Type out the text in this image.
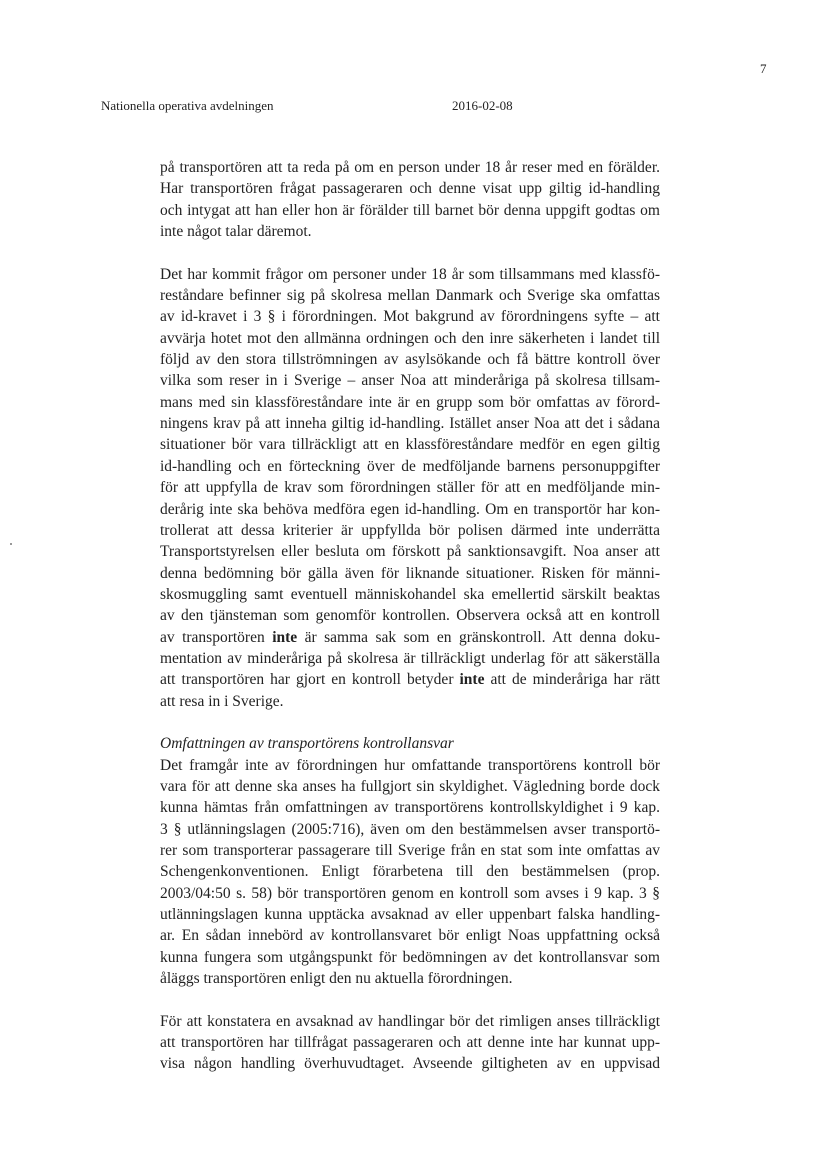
7
Nationella operativa avdelningen	2016-02-08
på transportören att ta reda på om en person under 18 år reser med en förälder.
Har transportören frågat passageraren och denne visat upp giltig id-handling
och intygat att han eller hon är förälder till barnet bör denna uppgift godtas om
inte något talar däremot.
Det har kommit frågor om personer under 18 år som tillsammans med klassfö-
reståndare befinner sig på skolresa mellan Danmark och Sverige ska omfattas
av id-kravet i 3 § i förordningen. Mot bakgrund av förordningens syfte – att
avvärja hotet mot den allmänna ordningen och den inre säkerheten i landet till
följd av den stora tillströmningen av asylsökande och få bättre kontroll över
vilka som reser in i Sverige – anser Noa att minderåriga på skolresa tillsam-
mans med sin klassföreståndare inte är en grupp som bör omfattas av förord-
ningens krav på att inneha giltig id-handling. Istället anser Noa att det i sådana
situationer bör vara tillräckligt att en klassföreståndare medför en egen giltig
id-handling och en förteckning över de medföljande barnens personuppgifter
för att uppfylla de krav som förordningen ställer för att en medföljande min-
derårig inte ska behöva medföra egen id-handling. Om en transportör har kon-
trollerat att dessa kriterier är uppfyllda bör polisen därmed inte underrätta
Transportstyrelsen eller besluta om förskott på sanktionsavgift. Noa anser att
denna bedömning bör gälla även för liknande situationer. Risken för männi-
skosmuggling samt eventuell människohandel ska emellertid särskilt beaktas
av den tjänsteman som genomför kontrollen. Observera också att en kontroll
av transportören inte är samma sak som en gränskontroll. Att denna doku-
mentation av minderåriga på skolresa är tillräckligt underlag för att säkerställa
att transportören har gjort en kontroll betyder inte att de minderåriga har rätt
att resa in i Sverige.
Omfattningen av transportörens kontrollansvar
Det framgår inte av förordningen hur omfattande transportörens kontroll bör
vara för att denne ska anses ha fullgjort sin skyldighet. Vägledning borde dock
kunna hämtas från omfattningen av transportörens kontrollskyldighet i 9 kap.
3 § utlänningslagen (2005:716), även om den bestämmelsen avser transportö-
rer som transporterar passagerare till Sverige från en stat som inte omfattas av
Schengenkonventionen. Enligt förarbetena till den bestämmelsen (prop.
2003/04:50 s. 58) bör transportören genom en kontroll som avses i 9 kap. 3 §
utlänningslagen kunna upptäcka avsaknad av eller uppenbart falska handling-
ar. En sådan innebörd av kontrollansvaret bör enligt Noas uppfattning också
kunna fungera som utgångspunkt för bedömningen av det kontrollansvar som
åläggs transportören enligt den nu aktuella förordningen.
För att konstatera en avsaknad av handlingar bör det rimligen anses tillräckligt
att transportören har tillfrågat passageraren och att denne inte har kunnat upp-
visa någon handling överhuvudtaget. Avseende giltigheten av en uppvisad
